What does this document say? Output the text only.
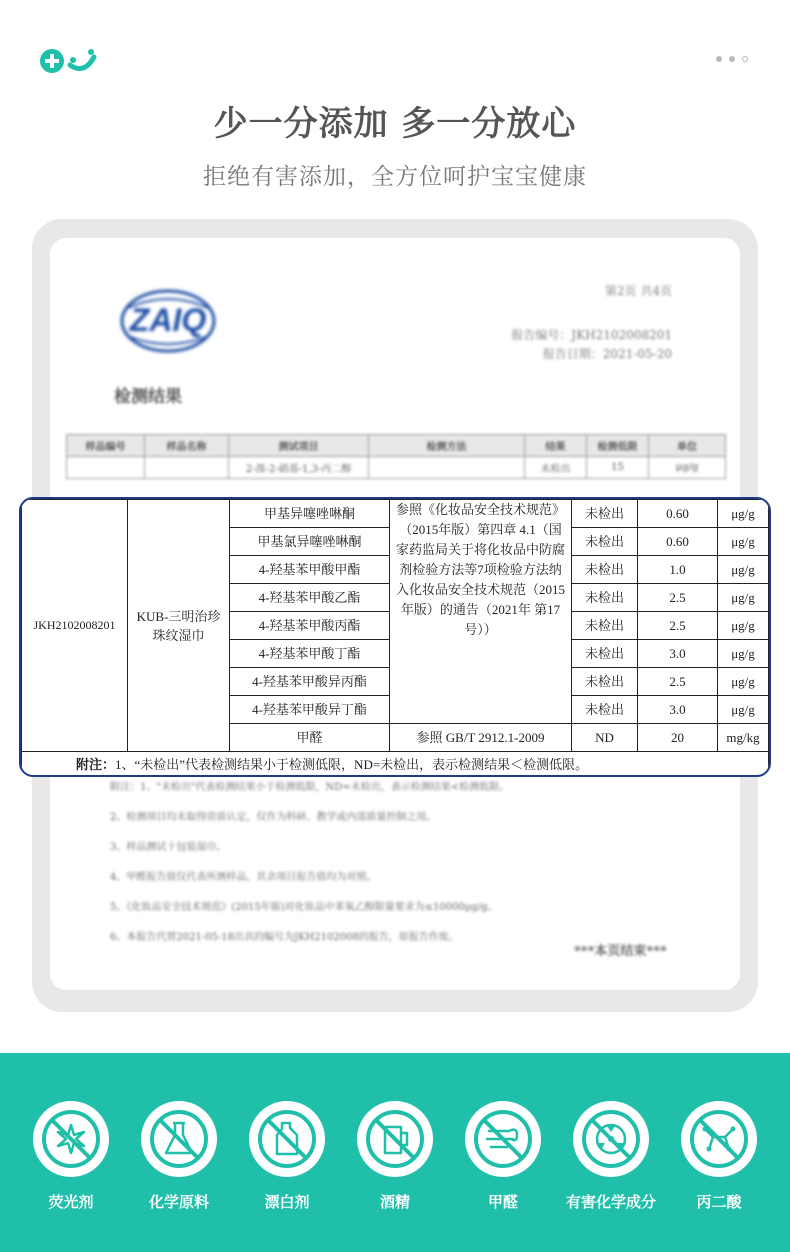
少一分添加 多一分放心
拒绝有害添加，全方位呵护宝宝健康
ZAIQ
检测结果
第2页 共4页
报告编号：JKH2102008201
报告日期：2021-05-20
样品编号	样品名称	测试项目	检测方法	结果	检测低限	单位
		2-溴-2-硝基-1,3-丙二醇		未检出	15	μg/g
附注：1、"未检出"代表检测结果小于检测低限，ND=未检出，表示检测结果<检测低限。
2、检测项目均未取得资质认定，仅作为科研、教学或内部质量控制之用。
3、样品测试十包装湿巾。
4、甲醛报告值仅代表所测样品，其余项目报告值均为对照。
5、《化妆品安全技术规范》(2015年版)对化妆品中苯氧乙醇限量要求为≤10000μg/g。
6、本报告代替2021-05-18出具的编号为JKH2102008的报告，原报告作废。
***本页结束***
JKH2102008201	KUB-三明治珍珠纹湿巾	甲基异噻唑啉酮	参照《化妆品安全技术规范》（2015年版）第四章 4.1（国家药监局关于将化妆品中防腐剂检验方法等7项检验方法纳入化妆品安全技术规范（2015年版）的通告（2021年 第17号））	未检出	0.60	μg/g
		甲基氯异噻唑啉酮		未检出	0.60	μg/g
		4-羟基苯甲酸甲酯		未检出	1.0	μg/g
		4-羟基苯甲酸乙酯		未检出	2.5	μg/g
		4-羟基苯甲酸丙酯		未检出	2.5	μg/g
		4-羟基苯甲酸丁酯		未检出	3.0	μg/g
		4-羟基苯甲酸异丙酯		未检出	2.5	μg/g
		4-羟基苯甲酸异丁酯		未检出	3.0	μg/g
		甲醛	参照 GB/T 2912.1-2009	ND	20	mg/kg
附注：1、“未检出”代表检测结果小于检测低限，ND=未检出，表示检测结果＜检测低限。						
荧光剂	化学原料	漂白剂	酒精	甲醛	有害化学成分	丙二酸
